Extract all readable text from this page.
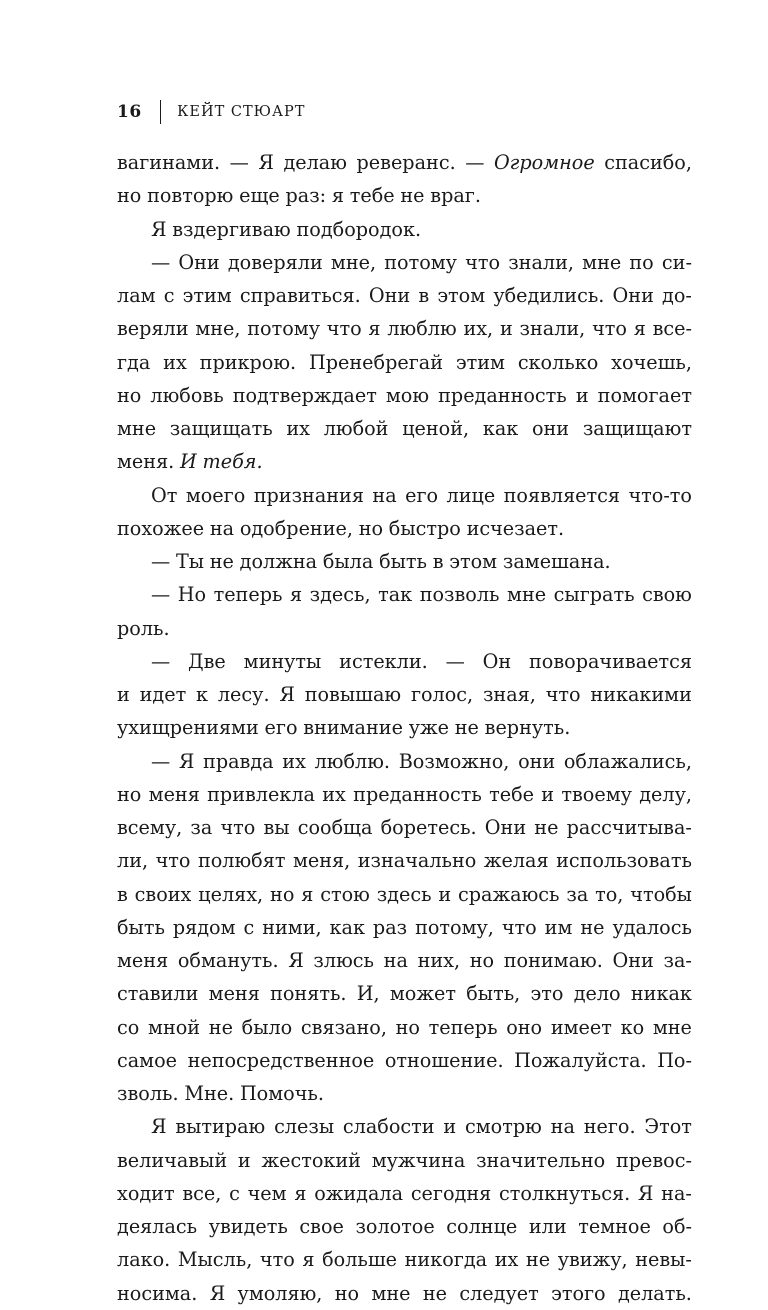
16 КЕЙТ СТЮАРТ
вагинами. — Я делаю реверанс. — Огромное спасибо,
но повторю еще раз: я тебе не враг.
Я вздергиваю подбородок.
— Они доверяли мне, потому что знали, мне по си-
лам с этим справиться. Они в этом убедились. Они до-
веряли мне, потому что я люблю их, и знали, что я все-
гда их прикрою. Пренебрегай этим сколько хочешь,
но любовь подтверждает мою преданность и помогает
мне защищать их любой ценой, как они защищают
меня. И тебя.
От моего признания на его лице появляется что-то
похожее на одобрение, но быстро исчезает.
— Ты не должна была быть в этом замешана.
— Но теперь я здесь, так позволь мне сыграть свою
роль.
— Две минуты истекли. — Он поворачивается
и идет к лесу. Я повышаю голос, зная, что никакими
ухищрениями его внимание уже не вернуть.
— Я правда их люблю. Возможно, они облажались,
но меня привлекла их преданность тебе и твоему делу,
всему, за что вы сообща боретесь. Они не рассчитыва-
ли, что полюбят меня, изначально желая использовать
в своих целях, но я стою здесь и сражаюсь за то, чтобы
быть рядом с ними, как раз потому, что им не удалось
меня обмануть. Я злюсь на них, но понимаю. Они за-
ставили меня понять. И, может быть, это дело никак
со мной не было связано, но теперь оно имеет ко мне
самое непосредственное отношение. Пожалуйста. По-
зволь. Мне. Помочь.
Я вытираю слезы слабости и смотрю на него. Этот
величавый и жестокий мужчина значительно превос-
ходит все, с чем я ожидала сегодня столкнуться. Я на-
деялась увидеть свое золотое солнце или темное об-
лако. Мысль, что я больше никогда их не увижу, невы-
носима. Я умоляю, но мне не следует этого делать.
